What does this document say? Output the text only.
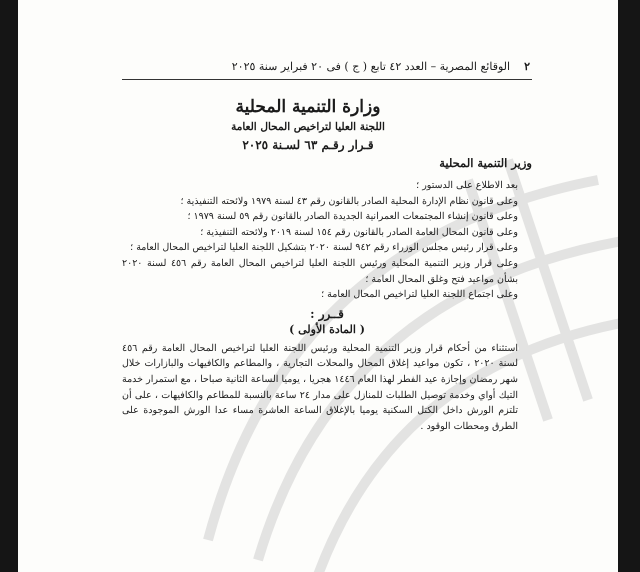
٢
الوقائع المصرية – العدد ٤٢ تابع ( ج ) فى ٢٠ فبراير سنة ٢٠٢٥
وزارة التنمية المحلية
اللجنة العليا لتراخيص المحال العامة
قـرار رقـم ٦٣ لسـنة ٢٠٢٥
وزير التنمية المحلية

بعد الاطلاع على الدستور ؛

وعلى قانون نظام الإدارة المحلية الصادر بالقانون رقم ٤٣ لسنة ١٩٧٩ ولائحته التنفيذية ؛

وعلى قانون إنشاء المجتمعات العمرانية الجديدة الصادر بالقانون رقم ٥٩ لسنة ١٩٧٩ ؛

وعلى قانون المحال العامة الصادر بالقانون رقم ١٥٤ لسنة ٢٠١٩ ولائحته التنفيذية ؛

وعلى قرار رئيس مجلس الوزراء رقم ٩٤٢ لسنة ٢٠٢٠ بتشكيل اللجنة العليا لتراخيص المحال العامة ؛

وعلى قرار وزير التنمية المحلية ورئيس اللجنة العليا لتراخيص المحال العامة رقم ٤٥٦ لسنة ٢٠٢٠ بشأن مواعيد فتح وغلق المحال العامة ؛

وعلى اجتماع اللجنة العليا لتراخيص المحال العامة ؛

قــرر :

( المادة الأولى )

استثناء من أحكام قرار وزير التنمية المحلية ورئيس اللجنة العليا لتراخيص المحال العامة رقم ٤٥٦ لسنة ٢٠٢٠ ، تكون مواعيد إغلاق المحال والمحلات التجارية ، والمطاعم والكافيهات والبازارات خلال شهر رمضان وإجازة عيد الفطر لهذا العام ١٤٤٦ هجريا ، يوميا الساعة الثانية صباحا ، مع استمرار خدمة التيك أواي وخدمة توصيل الطلبات للمنازل على مدار ٢٤ ساعة بالنسبة للمطاعم والكافيهات ، على أن تلتزم الورش داخل الكتل السكنية يوميا بالإغلاق الساعة العاشرة مساء عدا الورش الموجودة على الطرق ومحطات الوقود .
